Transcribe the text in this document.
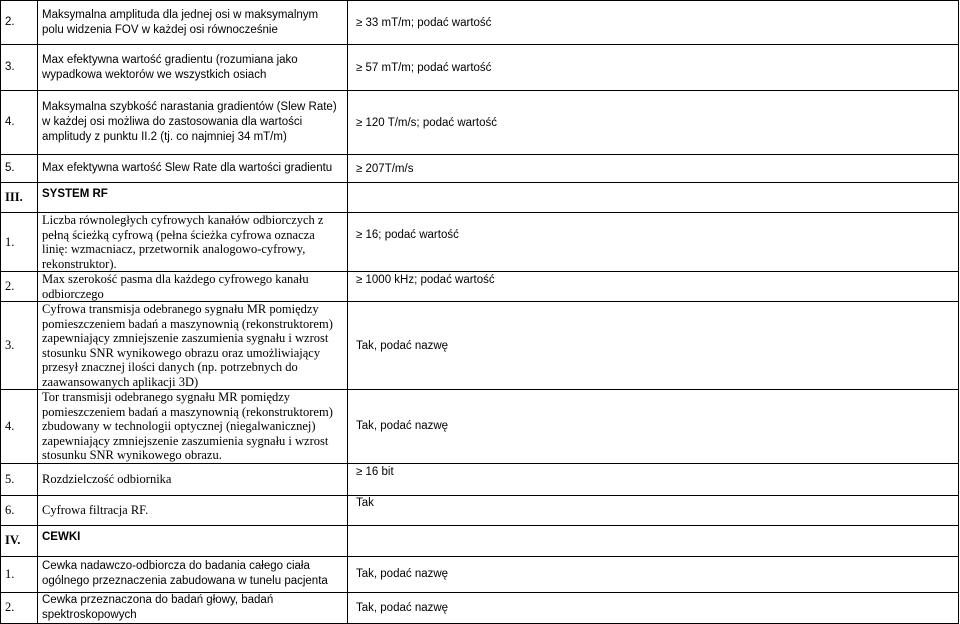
2.	Maksymalna amplituda dla jednej osi w maksymalnym polu widzenia FOV w każdej osi równocześnie	≥ 33 mT/m; podać wartość
3.	Max efektywna wartość gradientu (rozumiana jako wypadkowa wektorów we wszystkich osiach	≥ 57 mT/m; podać wartość
4.	Maksymalna szybkość narastania gradientów (Slew Rate) w każdej osi możliwa do zastosowania dla wartości amplitudy z punktu II.2 (tj. co najmniej 34 mT/m)	≥ 120 T/m/s; podać wartość
5.	Max efektywna wartość Slew Rate dla wartości gradientu	≥ 207T/m/s
III.	SYSTEM RF	
1.	Liczba równoległych cyfrowych kanałów odbiorczych z pełną ścieżką cyfrową (pełna ścieżka cyfrowa oznacza linię: wzmacniacz, przetwornik analogowo-cyfrowy, rekonstruktor).	≥ 16; podać wartość
2.	Max szerokość pasma dla każdego cyfrowego kanału odbiorczego	≥ 1000 kHz; podać wartość
3.	Cyfrowa transmisja odebranego sygnału MR pomiędzy pomieszczeniem badań a maszynownią (rekonstruktorem) zapewniający zmniejszenie zaszumienia sygnału i wzrost stosunku SNR wynikowego obrazu oraz umożliwiający przesył znacznej ilości danych (np. potrzebnych do zaawansowanych aplikacji 3D)	Tak, podać nazwę
4.	Tor transmisji odebranego sygnału MR pomiędzy pomieszczeniem badań a maszynownią (rekonstruktorem) zbudowany w technologii optycznej (niegalwanicznej) zapewniający zmniejszenie zaszumienia sygnału i wzrost stosunku SNR wynikowego obrazu.	Tak, podać nazwę
5.	Rozdzielczość odbiornika	≥ 16 bit
6.	Cyfrowa filtracja RF.	Tak
IV.	CEWKI	
1.	Cewka nadawczo-odbiorcza do badania całego ciała ogólnego przeznaczenia zabudowana w tunelu pacjenta	Tak, podać nazwę
2.	Cewka przeznaczona do badań głowy, badań spektroskopowych	Tak, podać nazwę
